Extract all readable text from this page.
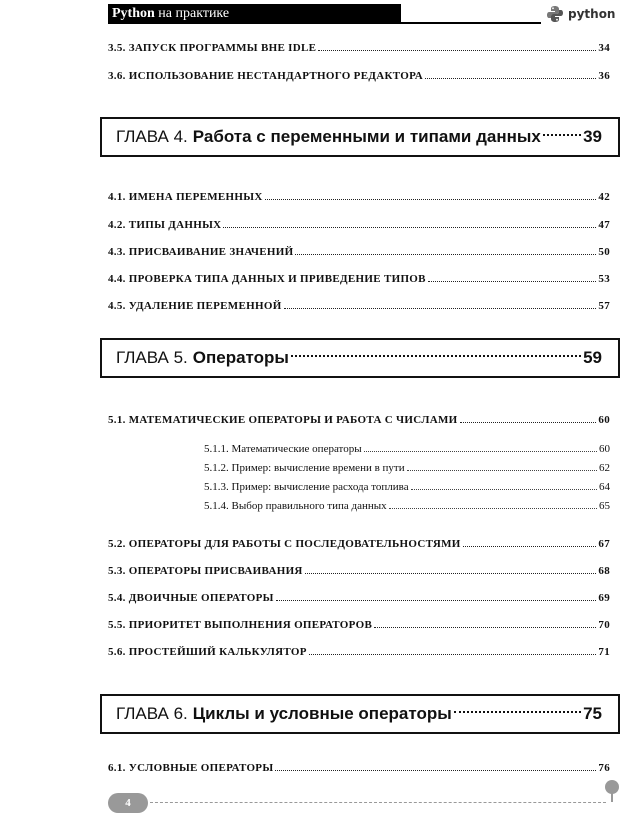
Python на практике	python
3.5. ЗАПУСК ПРОГРАММЫ ВНЕ IDLE	34
3.6. ИСПОЛЬЗОВАНИЕ НЕСТАНДАРТНОГО РЕДАКТОРА	36
ГЛАВА 4. Работа с переменными и типами данных 39
4.1. ИМЕНА ПЕРЕМЕННЫХ	42
4.2. ТИПЫ ДАННЫХ	47
4.3. ПРИСВАИВАНИЕ ЗНАЧЕНИЙ	50
4.4. ПРОВЕРКА ТИПА ДАННЫХ И ПРИВЕДЕНИЕ ТИПОВ	53
4.5. УДАЛЕНИЕ ПЕРЕМЕННОЙ	57
ГЛАВА 5. Операторы	59
5.1. МАТЕМАТИЧЕСКИЕ ОПЕРАТОРЫ И РАБОТА С ЧИСЛАМИ	60
5.1.1. Математические операторы	60
5.1.2. Пример: вычисление времени в пути	62
5.1.3. Пример: вычисление расхода топлива	64
5.1.4. Выбор правильного типа данных	65
5.2. ОПЕРАТОРЫ ДЛЯ РАБОТЫ С ПОСЛЕДОВАТЕЛЬНОСТЯМИ	67
5.3. ОПЕРАТОРЫ ПРИСВАИВАНИЯ	68
5.4. ДВОИЧНЫЕ ОПЕРАТОРЫ	69
5.5. ПРИОРИТЕТ ВЫПОЛНЕНИЯ ОПЕРАТОРОВ	70
5.6. ПРОСТЕЙШИЙ КАЛЬКУЛЯТОР	71
ГЛАВА 6. Циклы и условные операторы	75
6.1. УСЛОВНЫЕ ОПЕРАТОРЫ	76
4
